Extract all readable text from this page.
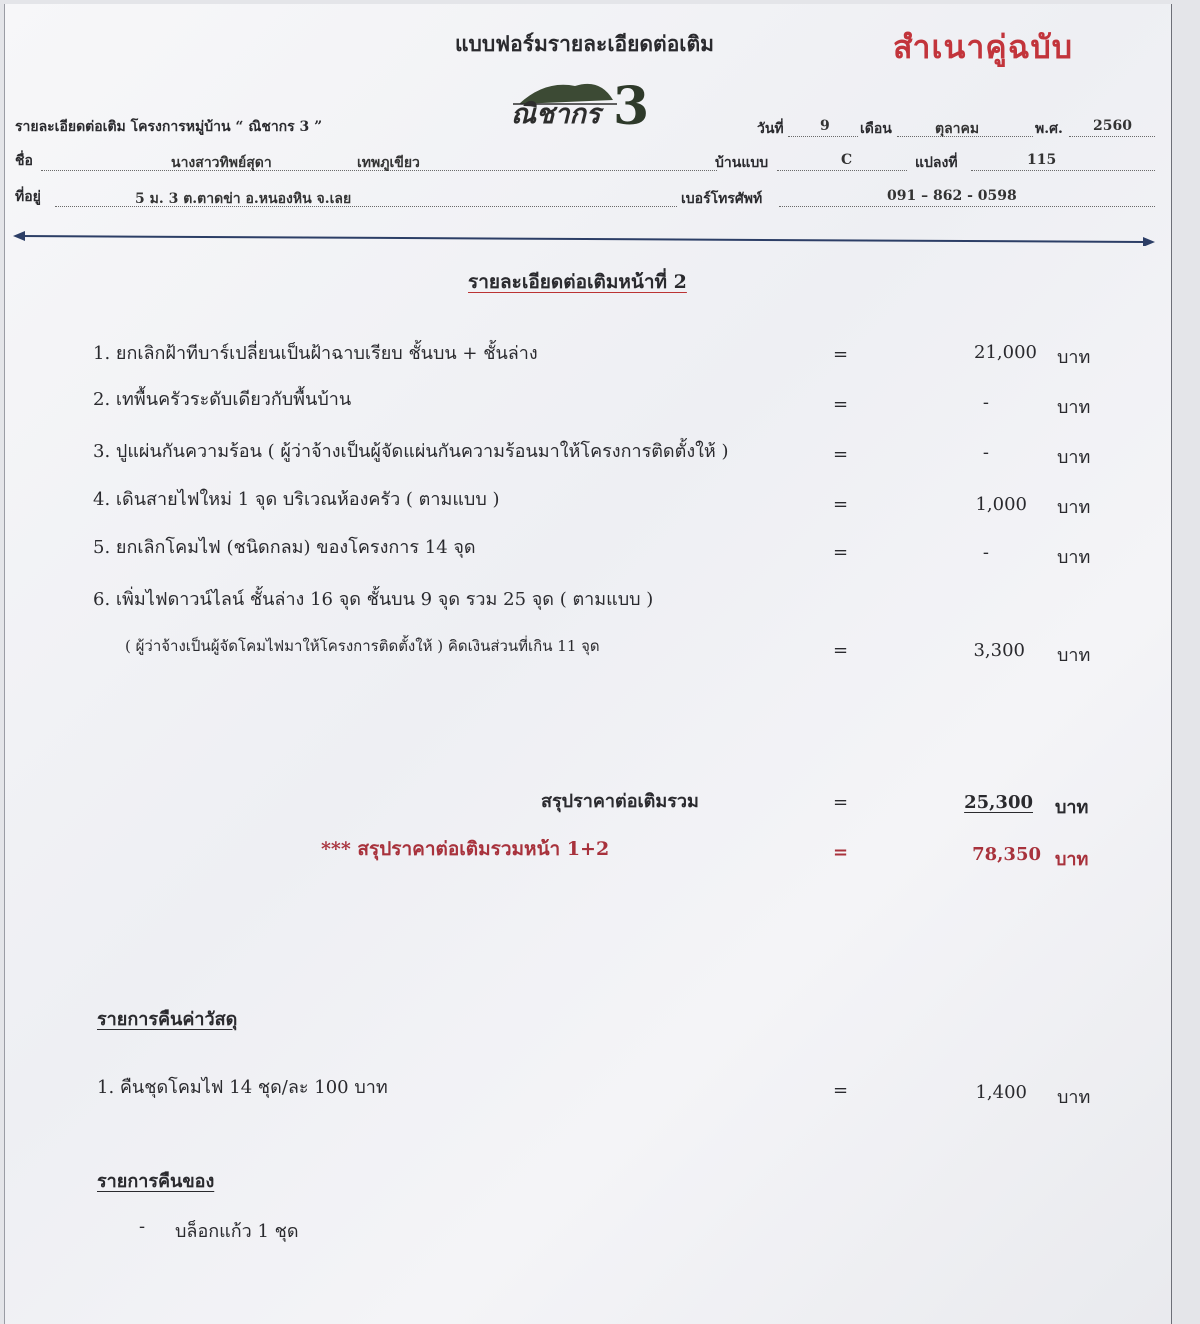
แบบฟอร์มรายละเอียดต่อเติม	สำเนาคู่ฉบับ
ณิชากร 3
รายละเอียดต่อเติม โครงการหมู่บ้าน “ ณิชากร 3 ”	วันที่	9 เดือน	ตุลาคม	พ.ศ. 2560
ชื่อ	นางสาวทิพย์สุดา	เทพภูเขียว	บ้านแบบ	C	แปลงที่	115
ที่อยู่	5 ม. 3 ต.ตาดข่า อ.หนองหิน จ.เลย	เบอร์โทรศัพท์	091 – 862 - 0598
รายละเอียดต่อเติมหน้าที่ 2
1. ยกเลิกฝ้าทีบาร์เปลี่ยนเป็นฝ้าฉาบเรียบ ชั้นบน + ชั้นล่าง	=	21,000 บาท
2. เทพื้นครัวระดับเดียวกับพื้นบ้าน	=	-	บาท
3. ปูแผ่นกันความร้อน ( ผู้ว่าจ้างเป็นผู้จัดแผ่นกันความร้อนมาให้โครงการติดตั้งให้ )	=	-	บาท
4. เดินสายไฟใหม่ 1 จุด บริเวณห้องครัว ( ตามแบบ )	=	1,000 บาท
5. ยกเลิกโคมไฟ (ชนิดกลม) ของโครงการ 14 จุด	=	-	บาท
6. เพิ่มไฟดาวน์ไลน์ ชั้นล่าง 16 จุด ชั้นบน 9 จุด รวม 25 จุด ( ตามแบบ )
( ผู้ว่าจ้างเป็นผู้จัดโคมไฟมาให้โครงการติดตั้งให้ ) คิดเงินส่วนที่เกิน 11 จุด	=	3,300 บาท
สรุปราคาต่อเติมรวม	=	25,300 บาท
*** สรุปราคาต่อเติมรวมหน้า 1+2	=	78,350 บาท
รายการคืนค่าวัสดุ
1. คืนชุดโคมไฟ 14 ชุด/ละ 100 บาท	=	1,400 บาท
รายการคืนของ
- บล็อกแก้ว 1 ชุด
